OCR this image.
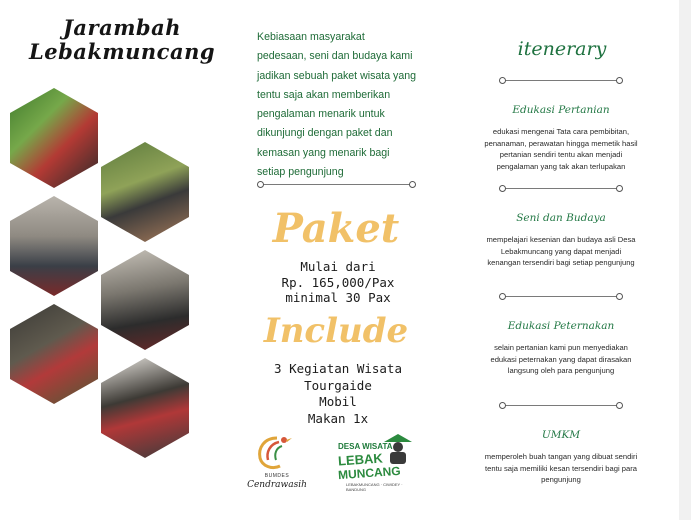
Jarambah
Lebakmuncang
Kebiasaan masyarakat
pedesaan, seni dan budaya kami
jadikan sebuah paket wisata yang
tentu saja akan memberikan
pengalaman menarik untuk
dikunjungi dengan paket dan
kemasan yang menarik bagi
setiap pengunjung
Paket
Mulai dari
Rp. 165,000/Pax
minimal 30 Pax
Include
3 Kegiatan Wisata
Tourgaide
Mobil
Makan 1x
BUMDES
Cendrawasih
DESA WISATA
LEBAK
MUNCANG
LEBAKMUNCANG · CIWIDEY · BANDUNG
itenerary
Edukasi Pertanian
edukasi mengenai Tata cara pembibitan,
penanaman, perawatan hingga memetik hasil
pertanian sendiri tentu akan menjadi
pengalaman yang tak akan terlupakan
Seni dan Budaya
mempelajari kesenian dan budaya asli Desa
Lebakmuncang yang dapat menjadi
kenangan tersendiri bagi setiap pengunjung
Edukasi Peternakan
selain pertanian kami pun menyediakan
edukasi peternakan yang dapat dirasakan
langsung oleh para pengunjung
UMKM
memperoleh buah tangan yang dibuat sendiri
tentu saja memiliki kesan tersendiri bagi para
pengunjung
